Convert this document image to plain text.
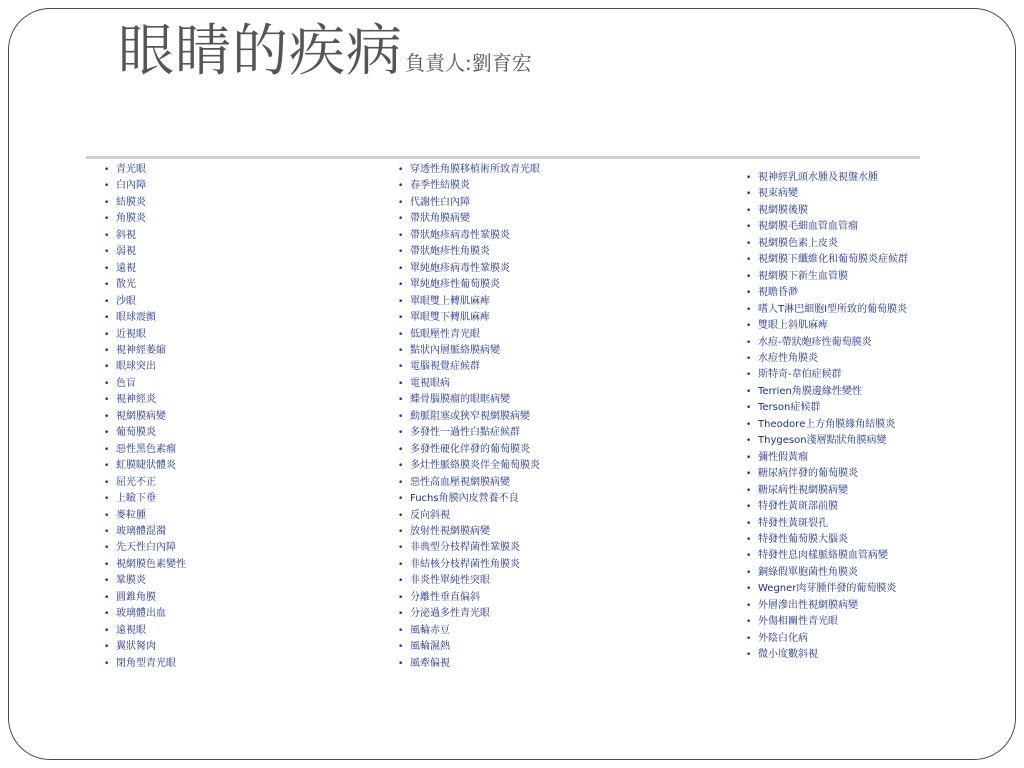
眼睛的疾病 負責人:劉育宏
• 青光眼
• 白內障
• 結膜炎
• 角膜炎
• 斜視
• 弱視
• 遠視
• 散光
• 沙眼
• 眼球震顫
• 近視眼
• 視神經萎縮
• 眼球突出
• 色盲
• 視神經炎
• 視網膜病變
• 葡萄膜炎
• 惡性黑色素瘤
• 虹膜睫狀體炎
• 屈光不正
• 上瞼下垂
• 麥粒腫
• 玻璃體混濁
• 先天性白內障
• 視網膜色素變性
• 鞏膜炎
• 圓錐角膜
• 玻璃體出血
• 遠視眼
• 翼狀胬肉
• 閉角型青光眼
• 穿透性角膜移植術所致青光眼
• 春季性結膜炎
• 代謝性白內障
• 帶狀角膜病變
• 帶狀皰疹病毒性鞏膜炎
• 帶狀皰疹性角膜炎
• 單純皰疹病毒性鞏膜炎
• 單純皰疹性葡萄膜炎
• 單眼雙上轉肌麻痺
• 單眼雙下轉肌麻痺
• 低眼壓性青光眼
• 點狀內層脈絡膜病變
• 電腦視覺症候群
• 電視眼病
• 蝶骨腦膜瘤的眼眶病變
• 動脈阻塞或狹窄視網膜病變
• 多發性一過性白點症候群
• 多發性硬化伴發的葡萄膜炎
• 多灶性脈絡膜炎伴全葡萄膜炎
• 惡性高血壓視網膜病變
• Fuchs角膜內皮營養不良
• 反向斜視
• 放射性視網膜病變
• 非典型分枝桿菌性鞏膜炎
• 非結核分枝桿菌性角膜炎
• 非炎性單純性突眼
• 分離性垂直偏斜
• 分泌過多性青光眼
• 風輪赤豆
• 風輪濕熱
• 風牽偏視
• 視神經乳頭水腫及視盤水腫
• 視束病變
• 視網膜後膜
• 視網膜毛細血管血管瘤
• 視網膜色素上皮炎
• 視網膜下纖維化和葡萄膜炎症候群
• 視網膜下新生血管膜
• 視瞻昏渺
• 嗜人T淋巴細胞Ⅰ型所致的葡萄膜炎
• 雙眼上斜肌麻痺
• 水痘-帶狀皰疹性葡萄膜炎
• 水痘性角膜炎
• 斯特奇-韋伯症候群
• Terrien角膜邊緣性變性
• Terson症候群
• Theodore上方角膜緣角結膜炎
• Thygeson淺層點狀角膜病變
• 彌性假黃瘤
• 糖尿病伴發的葡萄膜炎
• 糖尿病性視網膜病變
• 特發性黃斑部前膜
• 特發性黃斑裂孔
• 特發性葡萄膜大腦炎
• 特發性息肉樣脈絡膜血管病變
• 銅綠假單胞菌性角膜炎
• Wegner肉芽腫伴發的葡萄膜炎
• 外層滲出性視網膜病變
• 外傷相關性青光眼
• 外陰白化病
• 微小度數斜視
